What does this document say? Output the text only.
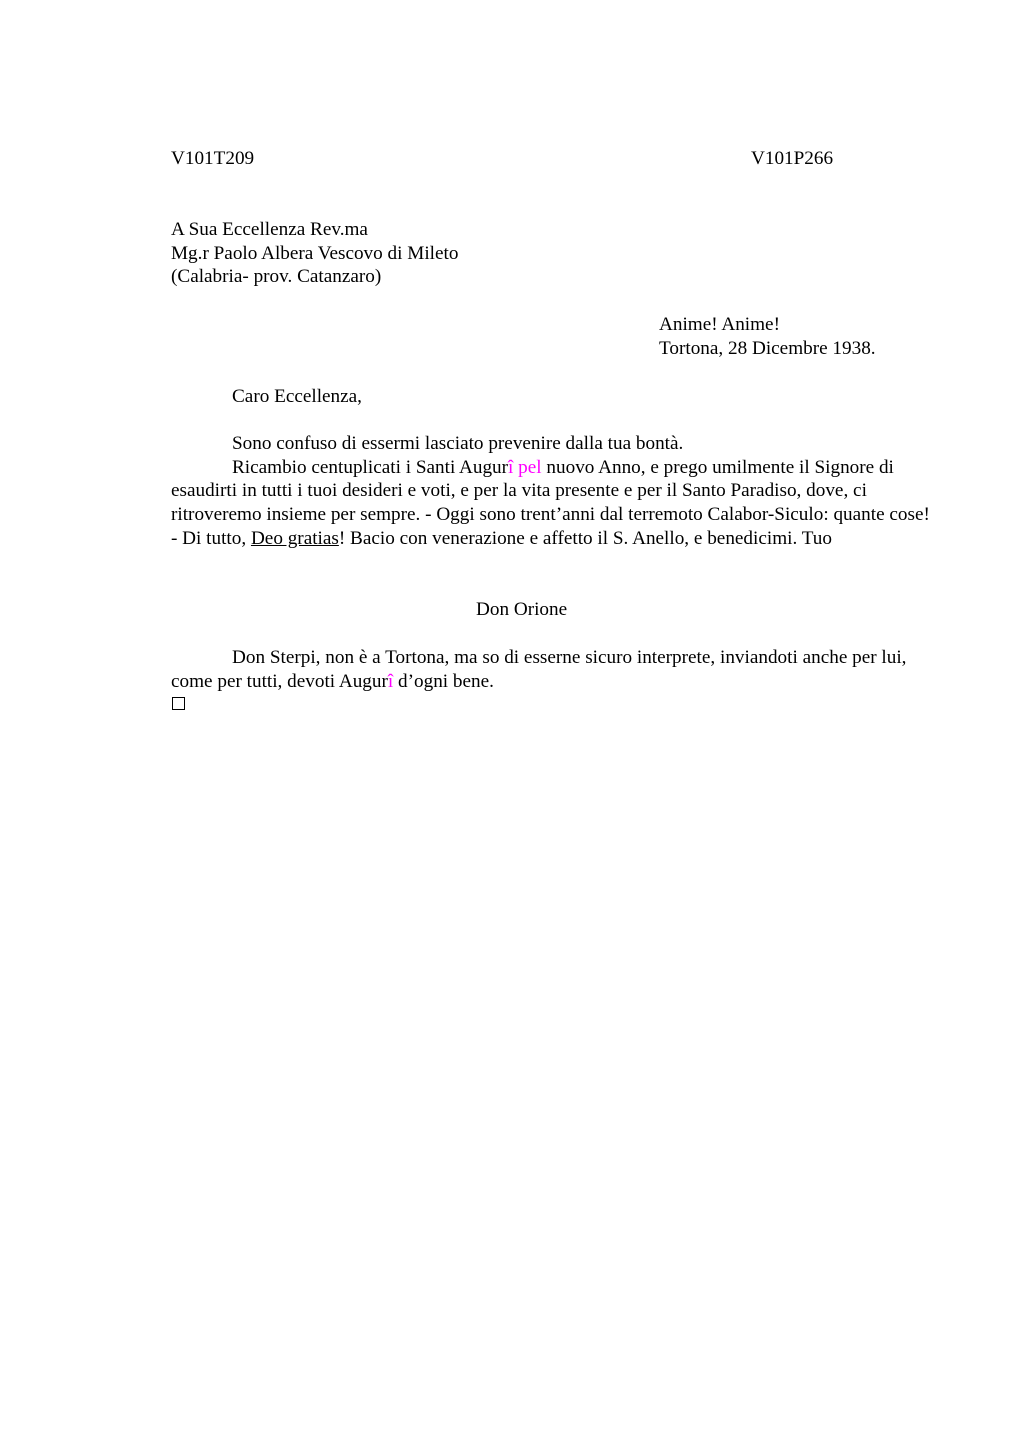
V101T209	V101P266
A Sua Eccellenza Rev.ma
Mg.r Paolo Albera Vescovo di Mileto
(Calabria- prov. Catanzaro)
Anime! Anime!
Tortona, 28 Dicembre 1938.
Caro Eccellenza,

Sono confuso di essermi lasciato prevenire dalla tua bontà.

Ricambio centuplicati i Santi Augurî pel nuovo Anno, e prego umilmente il Signore di esaudirti in tutti i tuoi desideri e voti, e per la vita presente e per il Santo Paradiso, dove, ci ritroveremo insieme per sempre. - Oggi sono trent’anni dal terremoto Calabor-Siculo: quante cose! - Di tutto, Deo gratias! Bacio con venerazione e affetto il S. Anello, e benedicimi. Tuo

Don Orione

Don Sterpi, non è a Tortona, ma so di esserne sicuro interprete, inviandoti anche per lui, come per tutti, devoti Augurî d’ogni bene.
